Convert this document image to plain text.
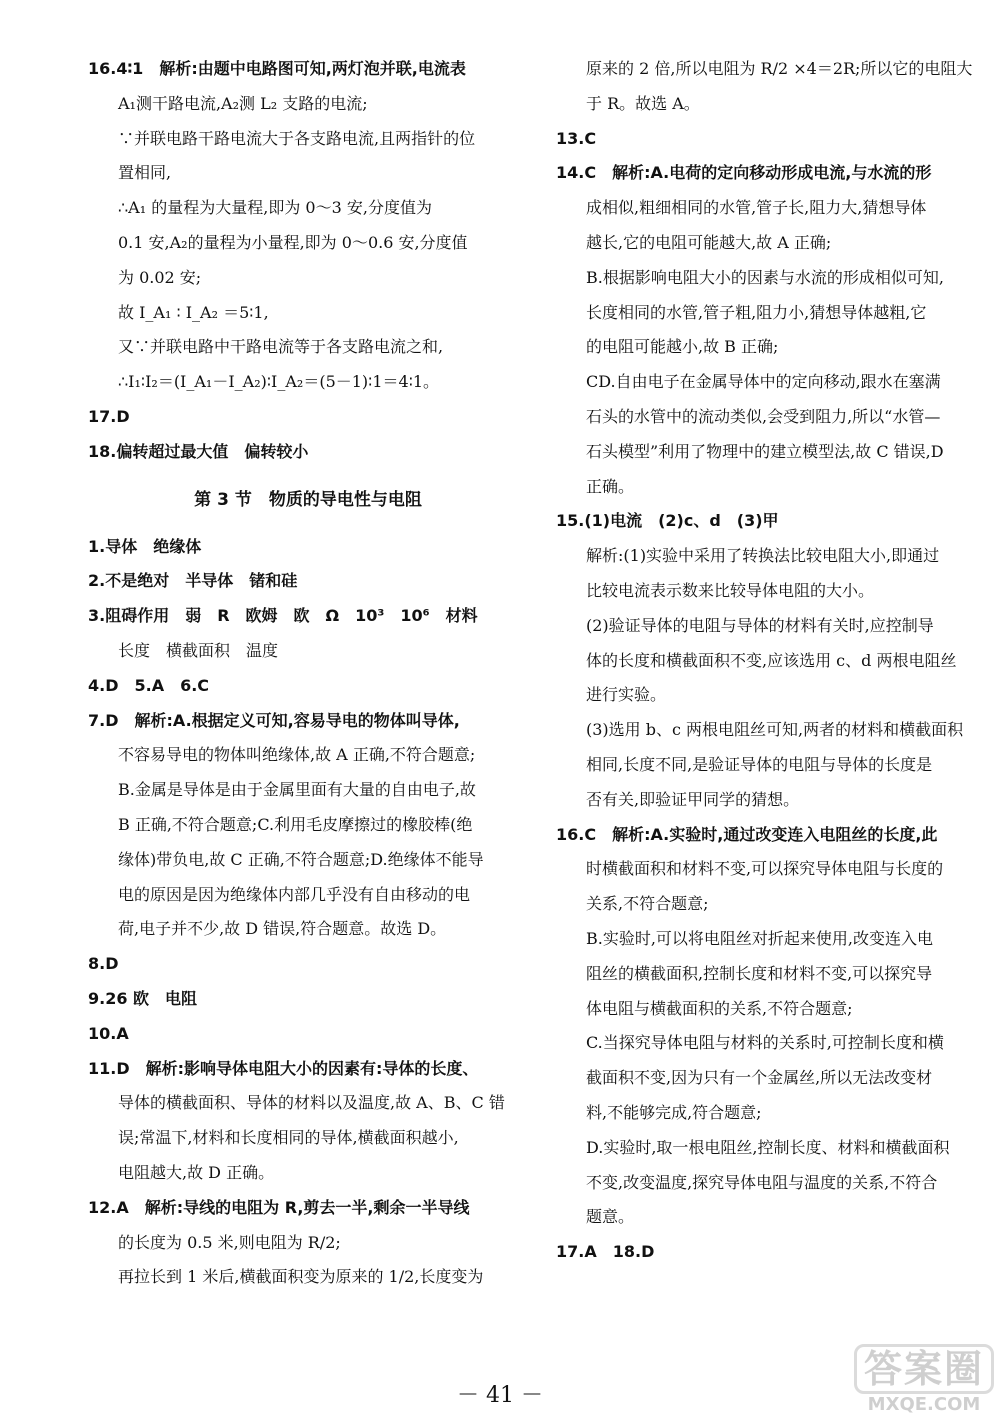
16.4∶1　解析:由题中电路图可知,两灯泡并联,电流表
A₁测干路电流,A₂测 L₂ 支路的电流;
∵并联电路干路电流大于各支路电流,且两指针的位
置相同,
∴A₁ 的量程为大量程,即为 0～3 安,分度值为
0.1 安,A₂的量程为小量程,即为 0～0.6 安,分度值
为 0.02 安;
故 I_A₁ ∶ I_A₂ ＝5∶1,
又∵并联电路中干路电流等于各支路电流之和,
∴I₁∶I₂＝(I_A₁－I_A₂)∶I_A₂＝(5－1)∶1＝4∶1。
17.D
18.偏转超过最大值　偏转较小
第 3 节　物质的导电性与电阻
1.导体　绝缘体
2.不是绝对　半导体　锗和硅
3.阻碍作用　弱　R　欧姆　欧　Ω　10³　10⁶　材料
长度　横截面积　温度
4.D　5.A　6.C
7.D　解析:A.根据定义可知,容易导电的物体叫导体,
不容易导电的物体叫绝缘体,故 A 正确,不符合题意;
B.金属是导体是由于金属里面有大量的自由电子,故
B 正确,不符合题意;C.利用毛皮摩擦过的橡胶棒(绝
缘体)带负电,故 C 正确,不符合题意;D.绝缘体不能导
电的原因是因为绝缘体内部几乎没有自由移动的电
荷,电子并不少,故 D 错误,符合题意。故选 D。
8.D
9.26 欧　电阻
10.A
11.D　解析:影响导体电阻大小的因素有:导体的长度、
导体的横截面积、导体的材料以及温度,故 A、B、C 错
误;常温下,材料和长度相同的导体,横截面积越小,
电阻越大,故 D 正确。
12.A　解析:导线的电阻为 R,剪去一半,剩余一半导线
的长度为 0.5 米,则电阻为 R/2;
再拉长到 1 米后,横截面积变为原来的 1/2,长度变为
原来的 2 倍,所以电阻为 R/2 ×4＝2R;所以它的电阻大
于 R。故选 A。
13.C
14.C　解析:A.电荷的定向移动形成电流,与水流的形
成相似,粗细相同的水管,管子长,阻力大,猜想导体
越长,它的电阻可能越大,故 A 正确;
B.根据影响电阻大小的因素与水流的形成相似可知,
长度相同的水管,管子粗,阻力小,猜想导体越粗,它
的电阻可能越小,故 B 正确;
CD.自由电子在金属导体中的定向移动,跟水在塞满
石头的水管中的流动类似,会受到阻力,所以“水管—
石头模型”利用了物理中的建立模型法,故 C 错误,D
正确。
15.(1)电流　(2)c、d　(3)甲
解析:(1)实验中采用了转换法比较电阻大小,即通过
比较电流表示数来比较导体电阻的大小。
(2)验证导体的电阻与导体的材料有关时,应控制导
体的长度和横截面积不变,应该选用 c、d 两根电阻丝
进行实验。
(3)选用 b、c 两根电阻丝可知,两者的材料和横截面积
相同,长度不同,是验证导体的电阻与导体的长度是
否有关,即验证甲同学的猜想。
16.C　解析:A.实验时,通过改变连入电阻丝的长度,此
时横截面积和材料不变,可以探究导体电阻与长度的
关系,不符合题意;
B.实验时,可以将电阻丝对折起来使用,改变连入电
阻丝的横截面积,控制长度和材料不变,可以探究导
体电阻与横截面积的关系,不符合题意;
C.当探究导体电阻与材料的关系时,可控制长度和横
截面积不变,因为只有一个金属丝,所以无法改变材
料,不能够完成,符合题意;
D.实验时,取一根电阻丝,控制长度、材料和横截面积
不变,改变温度,探究导体电阻与温度的关系,不符合
题意。
17.A　18.D
－ 41 －
答案圈
MXQE.COM
